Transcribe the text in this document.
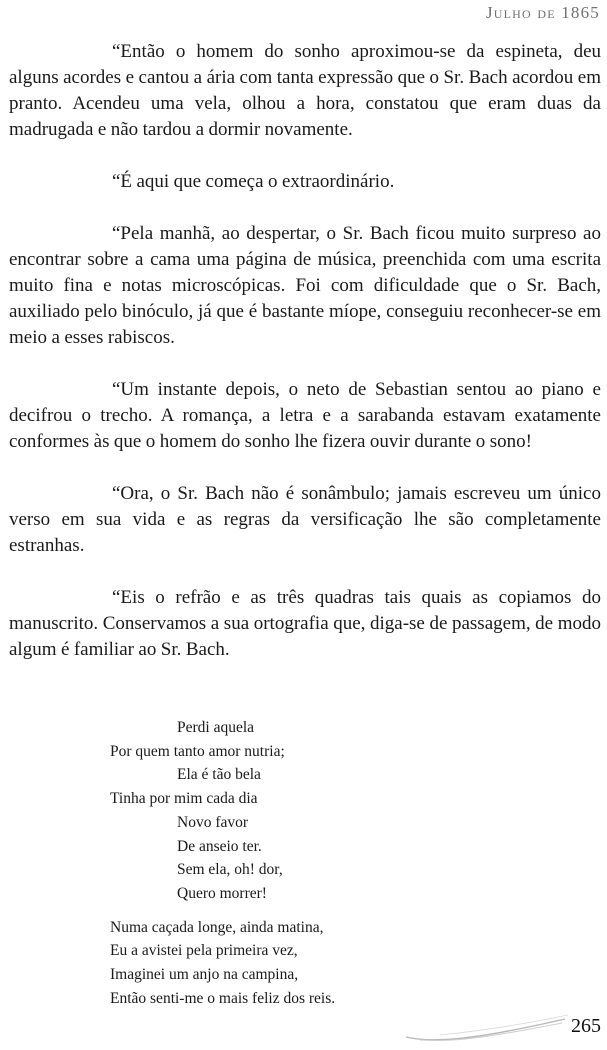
Julho de 1865

“Então o homem do sonho aproximou-se da espineta, deu alguns acordes e cantou a ária com tanta expressão que o Sr. Bach acordou em pranto. Acendeu uma vela, olhou a hora, constatou que eram duas da madrugada e não tardou a dormir novamente.

“É aqui que começa o extraordinário.

“Pela manhã, ao despertar, o Sr. Bach ficou muito surpreso ao encontrar sobre a cama uma página de música, preenchida com uma escrita muito fina e notas microscópicas. Foi com dificuldade que o Sr. Bach, auxiliado pelo binóculo, já que é bastante míope, conseguiu reconhecer-se em meio a esses rabiscos.

“Um instante depois, o neto de Sebastian sentou ao piano e decifrou o trecho. A romança, a letra e a sarabanda estavam exatamente conformes às que o homem do sonho lhe fizera ouvir durante o sono!

“Ora, o Sr. Bach não é sonâmbulo; jamais escreveu um único verso em sua vida e as regras da versificação lhe são completamente estranhas.

“Eis o refrão e as três quadras tais quais as copiamos do manuscrito. Conservamos a sua ortografia que, diga-se de passagem, de modo algum é familiar ao Sr. Bach.

Perdi aquela
Por quem tanto amor nutria;
Ela é tão bela
Tinha por mim cada dia
Novo favor
De anseio ter.
Sem ela, oh! dor,
Quero morrer!
Numa caçada longe, ainda matina,
Eu a avistei pela primeira vez,
Imaginei um anjo na campina,
Então senti-me o mais feliz dos reis.
265
